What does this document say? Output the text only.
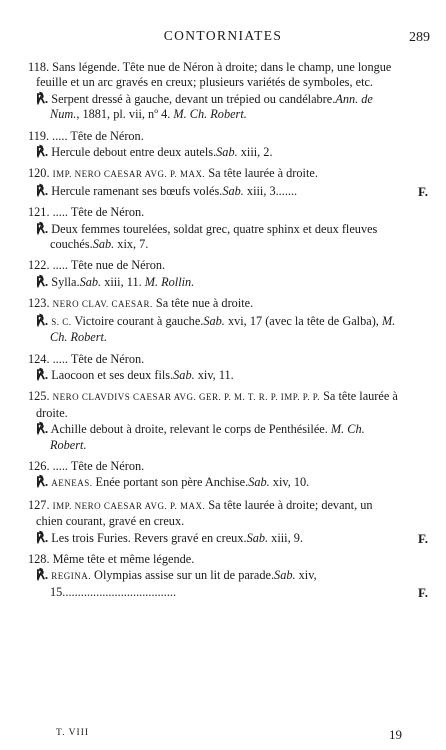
CONTORNIATES	289

118. Sans légende. Tête nue de Néron à droite; dans le champ, une longue feuille et un arc gravés en creux; plusieurs variétés de symboles, etc.

℟. Serpent dressé à gauche, devant un trépied ou candélabre.Ann. de Num., 1881, pl. vii, nº 4. M. Ch. Robert.

119. ..... Tête de Néron.

℟. Hercule debout entre deux autels.Sab. xiii, 2.

120. IMP. NERO CAESAR AVG. P. MAX. Sa tête laurée à droite.

℟. Hercule ramenant ses bœufs volés.Sab. xiii, 3.......	F.

121. ..... Tête de Néron.

℟. Deux femmes tourelées, soldat grec, quatre sphinx et deux fleuves couchés.Sab. xix, 7.

122. ..... Tête nue de Néron.

℟. Sylla.Sab. xiii, 11. M. Rollin.

123. NERO CLAV. CAESAR. Sa tête nue à droite.

℟. S. C. Victoire courant à gauche.Sab. xvi, 17 (avec la tête de Galba), M. Ch. Robert.

124. ..... Tête de Néron.

℟. Laocoon et ses deux fils.Sab. xiv, 11.

125. NERO CLAVDIVS CAESAR AVG. GER. P. M. T. R. P. IMP. P. P. Sa tête laurée à droite.

℟. Achille debout à droite, relevant le corps de Penthésilée. M. Ch. Robert.

126. ..... Tête de Néron.

℟. AENEAS. Enée portant son père Anchise.Sab. xiv, 10.

127. IMP. NERO CAESAR AVG. P. MAX. Sa tête laurée à droite; devant, un chien courant, gravé en creux.

℟. Les trois Furies. Revers gravé en creux.Sab. xiii, 9.	F.

128. Même tête et même légende.

℟. REGINA. Olympias assise sur un lit de parade.Sab. xiv, 15.....................................	F.

T. VIII	19
